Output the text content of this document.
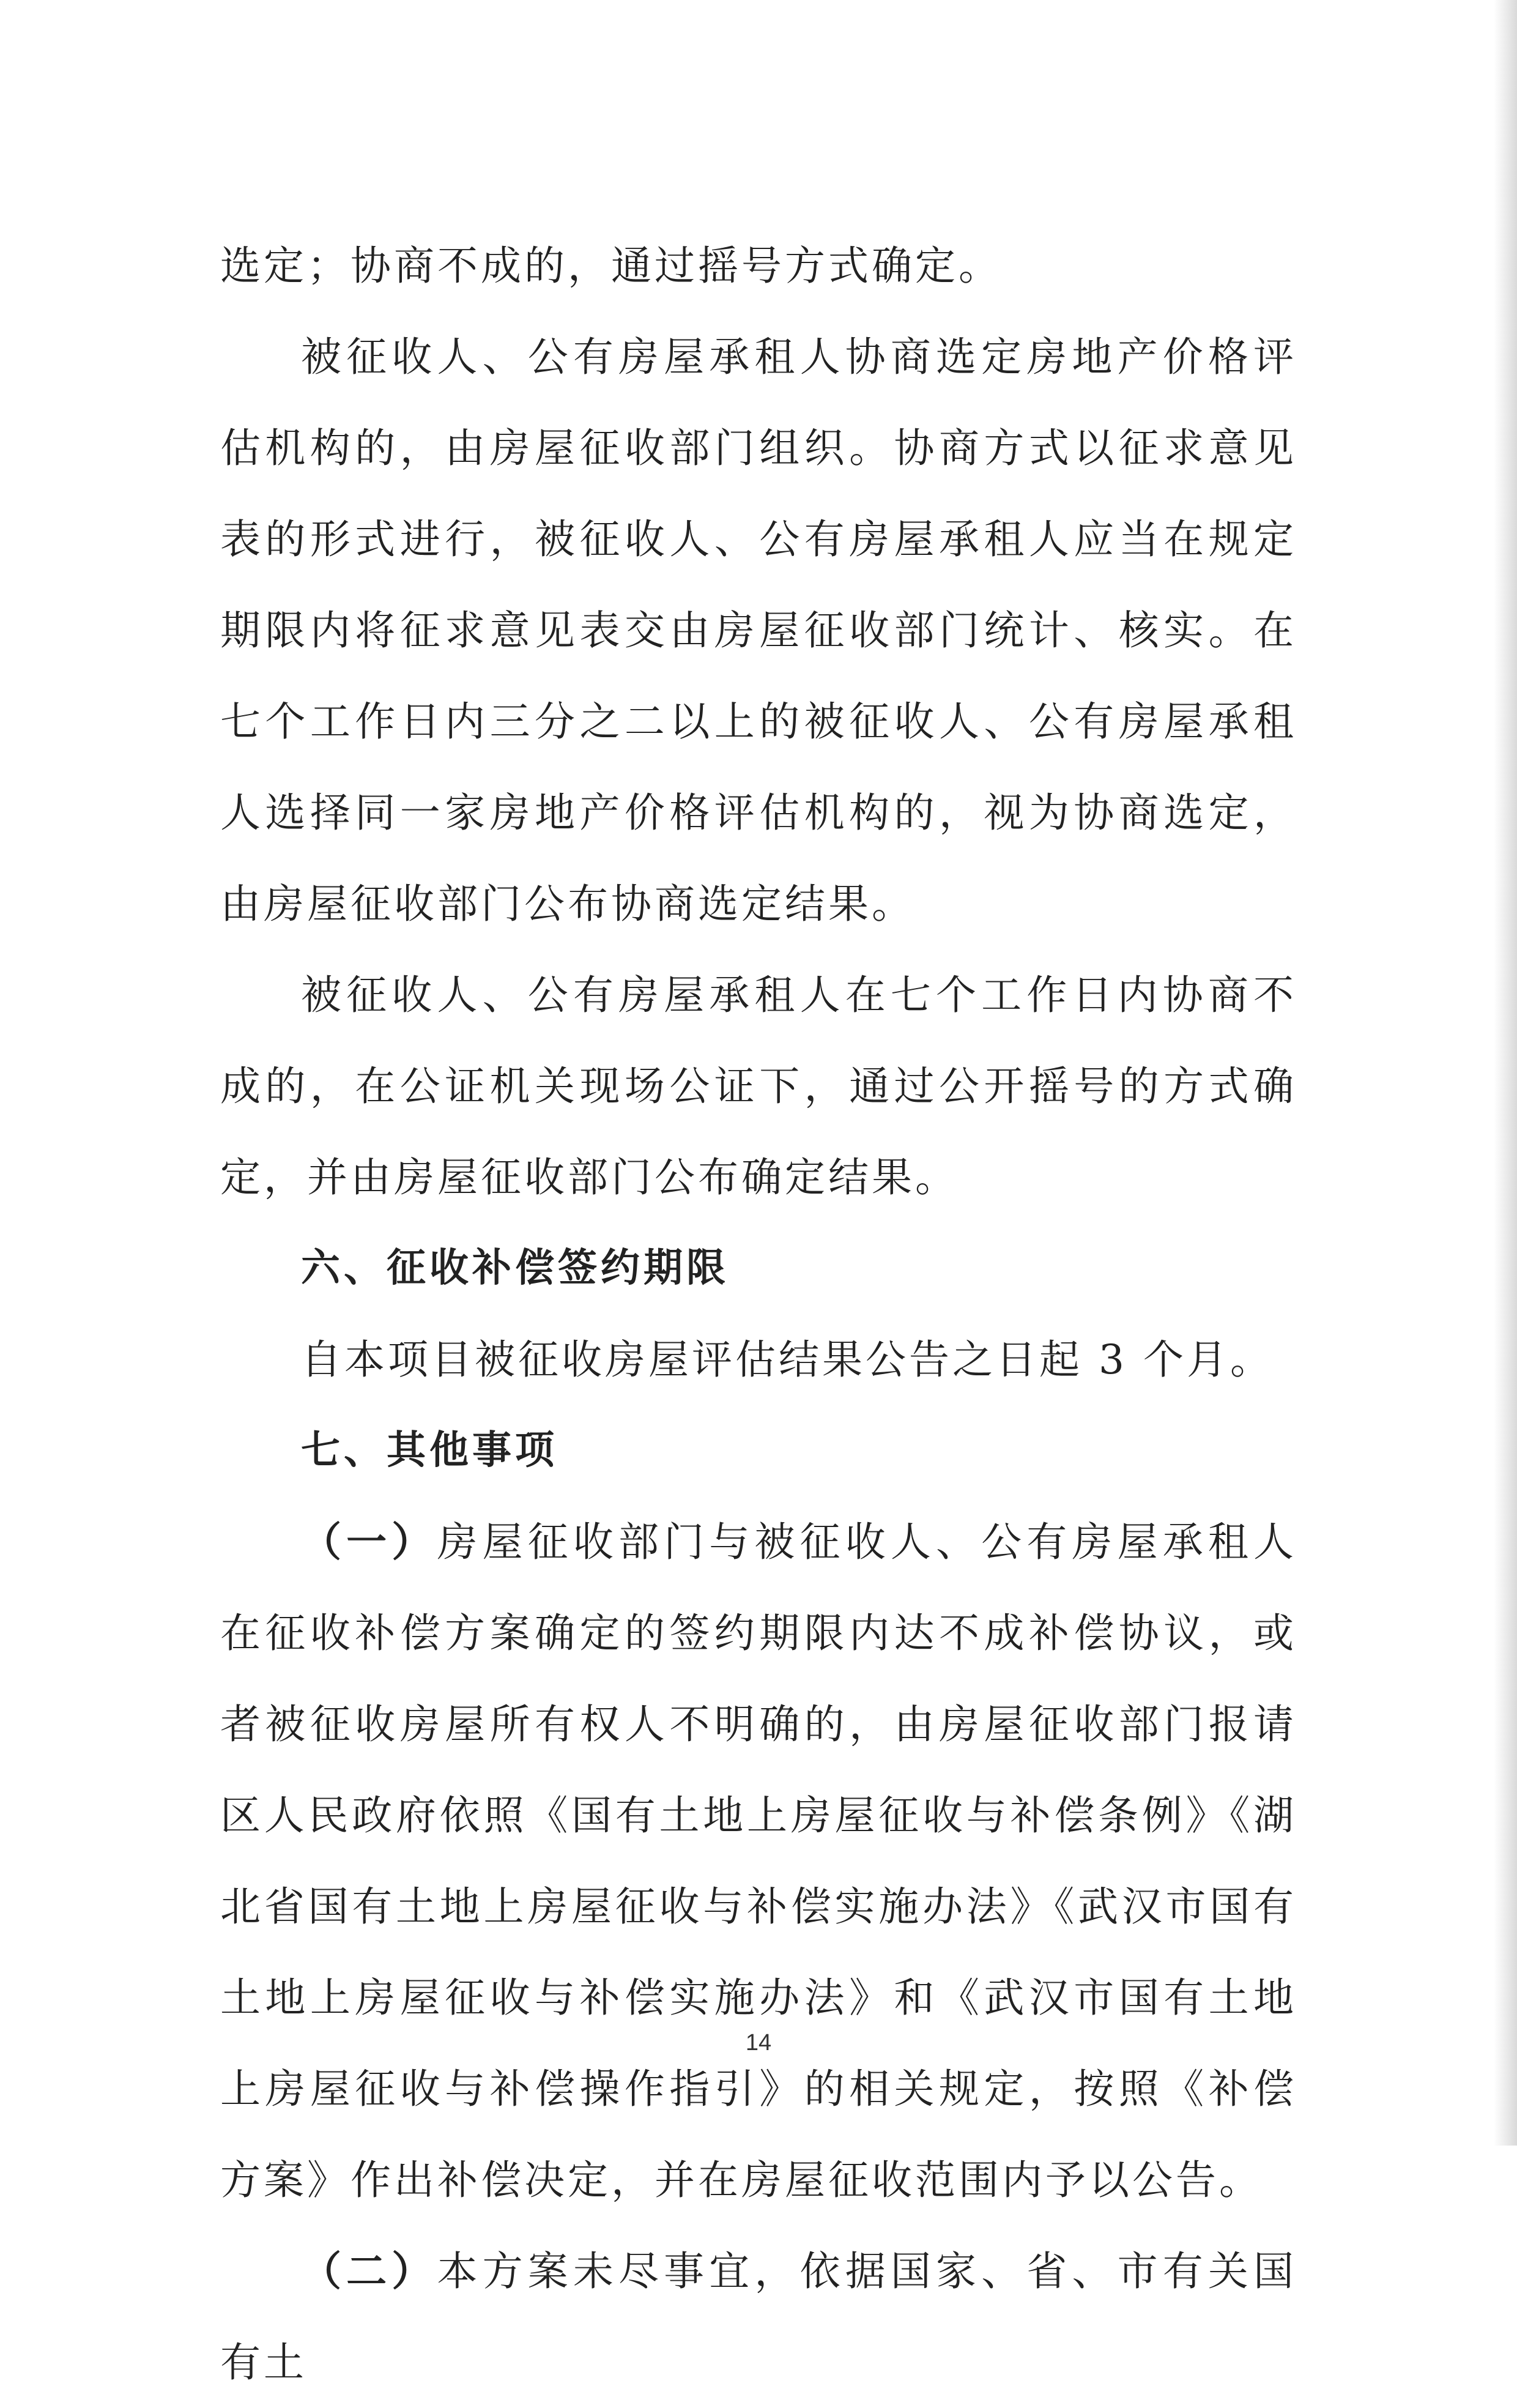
选定；协商不成的，通过摇号方式确定。

被征收人、公有房屋承租人协商选定房地产价格评估机构的，由房屋征收部门组织。协商方式以征求意见表的形式进行，被征收人、公有房屋承租人应当在规定期限内将征求意见表交由房屋征收部门统计、核实。在七个工作日内三分之二以上的被征收人、公有房屋承租人选择同一家房地产价格评估机构的，视为协商选定，由房屋征收部门公布协商选定结果。

被征收人、公有房屋承租人在七个工作日内协商不成的，在公证机关现场公证下，通过公开摇号的方式确定，并由房屋征收部门公布确定结果。

六、征收补偿签约期限

自本项目被征收房屋评估结果公告之日起 3 个月。

七、其他事项

（一）房屋征收部门与被征收人、公有房屋承租人在征收补偿方案确定的签约期限内达不成补偿协议，或者被征收房屋所有权人不明确的，由房屋征收部门报请区人民政府依照《国有土地上房屋征收与补偿条例》《湖北省国有土地上房屋征收与补偿实施办法》《武汉市国有土地上房屋征收与补偿实施办法》和《武汉市国有土地上房屋征收与补偿操作指引》的相关规定，按照《补偿方案》作出补偿决定，并在房屋征收范围内予以公告。

（二）本方案未尽事宜，依据国家、省、市有关国有土

14
